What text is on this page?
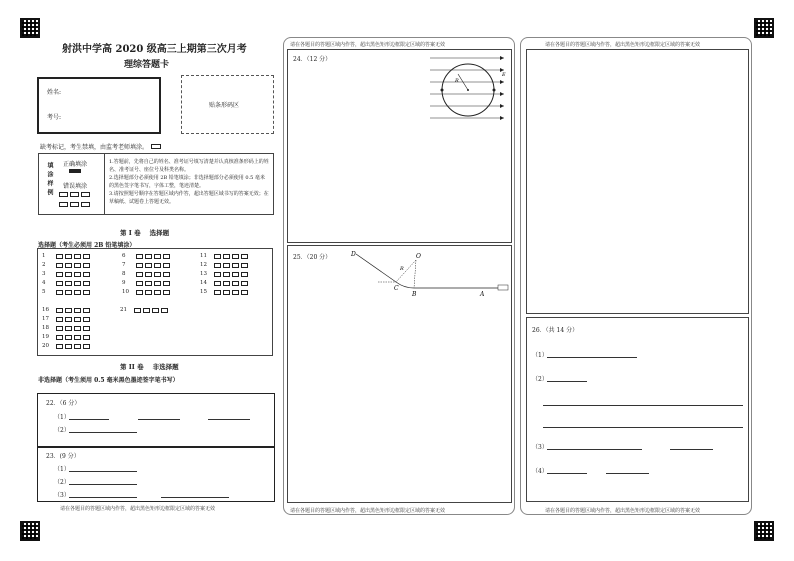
射洪中学高 2020 级高三上期第三次月考
理综答题卡
姓名:
考号:
贴条形码区
缺考标记，考生禁填，由监考老师填涂。
填涂样例 正确填涂
错误填涂
1.答题前，先将自己的姓名、准考证号填写清楚并认真核准条形码上的姓名、准考证号、座位号及科类名称。
2.选择题部分必须使用 2B 铅笔填涂；非选择题部分必须使用 0.5 毫米的黑色签字笔书写，字体工整，笔迹清楚。
3.请按照题号顺序在答题区域内作答，超出答题区域书写的答案无效；在草稿纸、试题卷上答题无效。
第 I 卷    选择题
选择题（考生必须用 2B 铅笔填涂）
1
2
3
4
5
6
7
8
9
10
11
12
13
14
15
16
17
18
19
20
21
第 II 卷    非选择题
非选择题（考生须用 0.5 毫米黑色墨迹签字笔书写）
22．（6 分）
（1）
（2）
23．(9 分）
（1）
（2）
（3）
请在各题目的答题区域内作答，超出黑色矩形边框限定区域的答案无效
请在各题目的答题区域内作答，超出黑色矩形边框限定区域的答案无效
请在各题目的答题区域内作答，超出黑色矩形边框限定区域的答案无效
24．（12 分）
R
E
25．（20 分）	D	O
R
C
B	A
请在各题目的答题区域内作答，超出黑色矩形边框限定区域的答案无效
请在各题目的答题区域内作答，超出黑色矩形边框限定区域的答案无效
26．（共 14 分）
（1）
（2）
（3）
（4）
